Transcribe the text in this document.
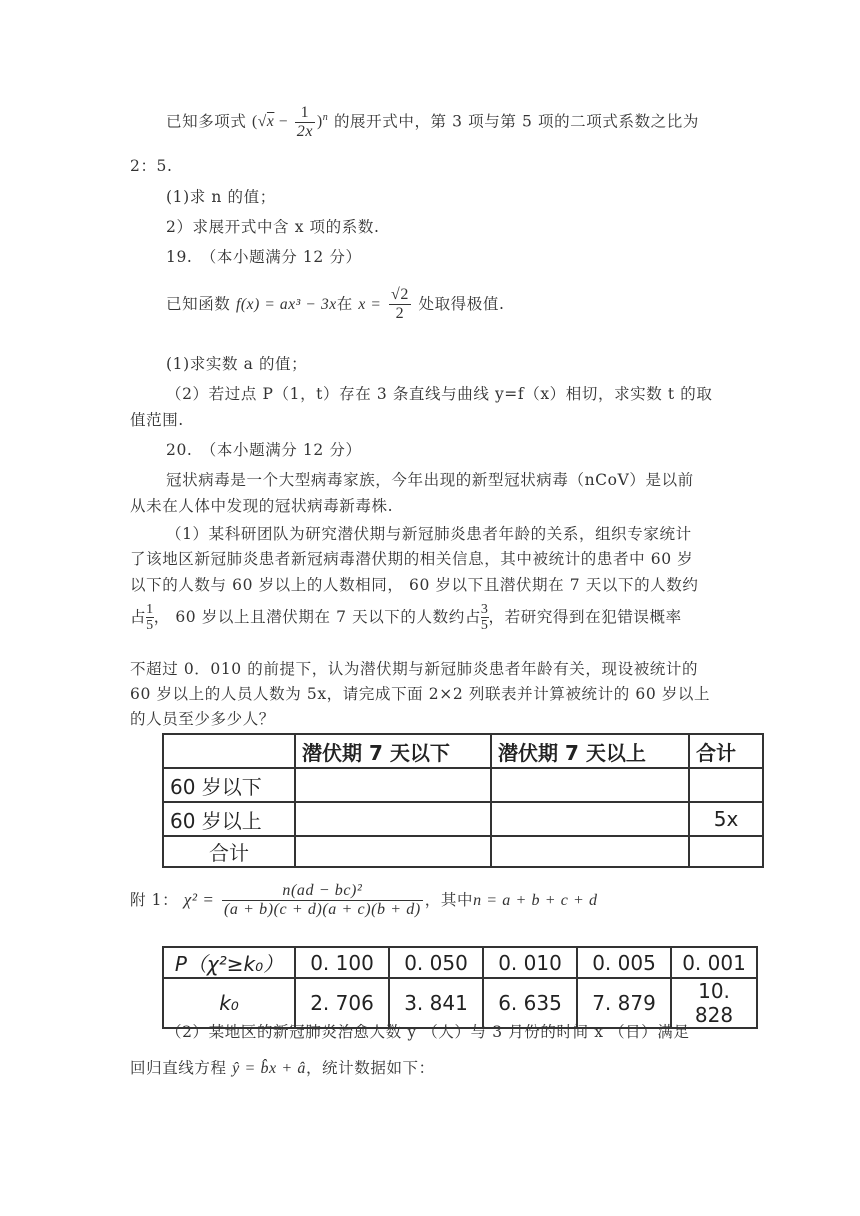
已知多项式 $(√x - \frac{1}{2x} )^n$ 的展开式中，第 3 项与第 5 项的二项式系数之比为
2：5.
(1)求 n 的值；
2）求展开式中含 x 项的系数.
19.　（本小题满分 12 分）
已知函数 f(x) = ax³ − 3x在 $x = \frac{√2}{2}$ 处取得极值.
(1)求实数 a 的值；
（2）若过点 P（1，t）存在 3 条直线与曲线 y=f（x）相切，求实数 t 的取
值范围.
20.　（本小题满分 12 分）
冠状病毒是一个大型病毒家族，今年出现的新型冠状病毒（nCoV）是以前
从未在人体中发现的冠状病毒新毒株.
（1）某科研团队为研究潜伏期与新冠肺炎患者年龄的关系，组织专家统计
了该地区新冠肺炎患者新冠病毒潜伏期的相关信息，其中被统计的患者中 60 岁
以下的人数与 60 岁以上的人数相同， 60 岁以下且潜伏期在 7 天以下的人数约
占 $\frac{1}{5}$ ， 60 岁以上且潜伏期在 7 天以下的人数约占 $\frac{3}{5}$ ，若研究得到在犯错误概率
不超过 0．010 的前提下，认为潜伏期与新冠肺炎患者年龄有关，现设被统计的
60 岁以上的人员人数为 5x，请完成下面 2×2 列联表并计算被统计的 60 岁以上
的人员至少多少人？
	潜伏期 7 天以下	潜伏期 7 天以上	合计
60 岁以下			
60 岁以上			5x
合计			
附 1： $\chi^2 = \frac{\text{n(ad − bc)²}}{(a + b)(c + d)(a + c)(b + d)}$ ，其中n = a + b + c + d
P（χ²≥k₀）	0. 100	0. 050	0. 010	0. 005	0. 001
k₀	2. 706	3. 841	6. 635	7. 879	10. 828
（2）某地区的新冠肺炎治愈人数 y （人）与 3 月份的时间 x （日）满足
回归直线方程 ŷ = b̂x + â，统计数据如下：
